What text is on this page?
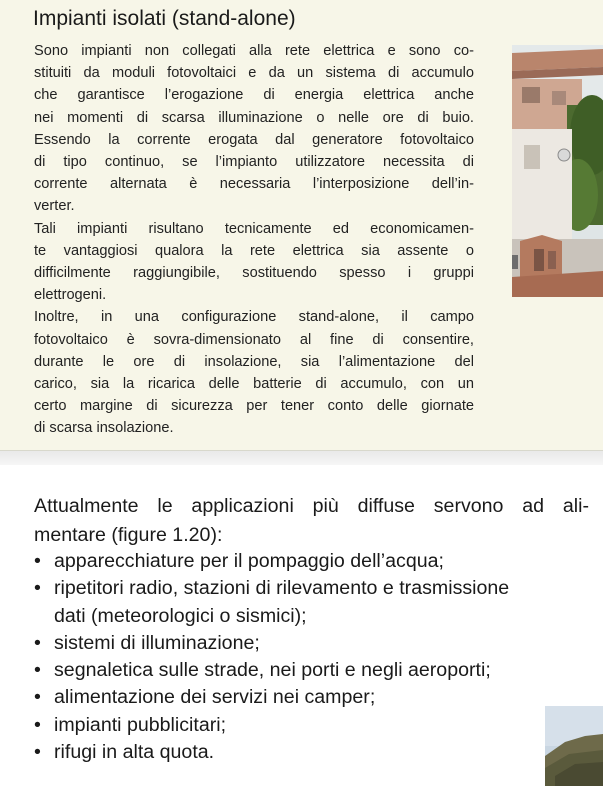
Impianti isolati (stand-alone)
Sono impianti non collegati alla rete elettrica e sono co-
stituiti da moduli fotovoltaici e da un sistema di accumulo
che garantisce l’erogazione di energia elettrica anche
nei momenti di scarsa illuminazione o nelle ore di buio.
Essendo la corrente erogata dal generatore fotovoltaico
di tipo continuo, se l’impianto utilizzatore necessita di
corrente alternata è necessaria l’interposizione dell’in-
verter.
Tali impianti risultano tecnicamente ed economicamen-
te vantaggiosi qualora la rete elettrica sia assente o
difficilmente raggiungibile, sostituendo spesso i gruppi
elettrogeni.
Inoltre, in una configurazione stand-alone, il campo
fotovoltaico è sovra-dimensionato al fine di consentire,
durante le ore di insolazione, sia l’alimentazione del
carico, sia la ricarica delle batterie di accumulo, con un
certo margine di sicurezza per tener conto delle giornate
di scarsa insolazione.
Attualmente le applicazioni più diffuse servono ad ali-
mentare (figure 1.20):
• apparecchiature per il pompaggio dell’acqua;
• ripetitori radio, stazioni di rilevamento e trasmissione
dati (meteorologici o sismici);
• sistemi di illuminazione;
• segnaletica sulle strade, nei porti e negli aeroporti;
• alimentazione dei servizi nei camper;
• impianti pubblicitari;
• rifugi in alta quota.
